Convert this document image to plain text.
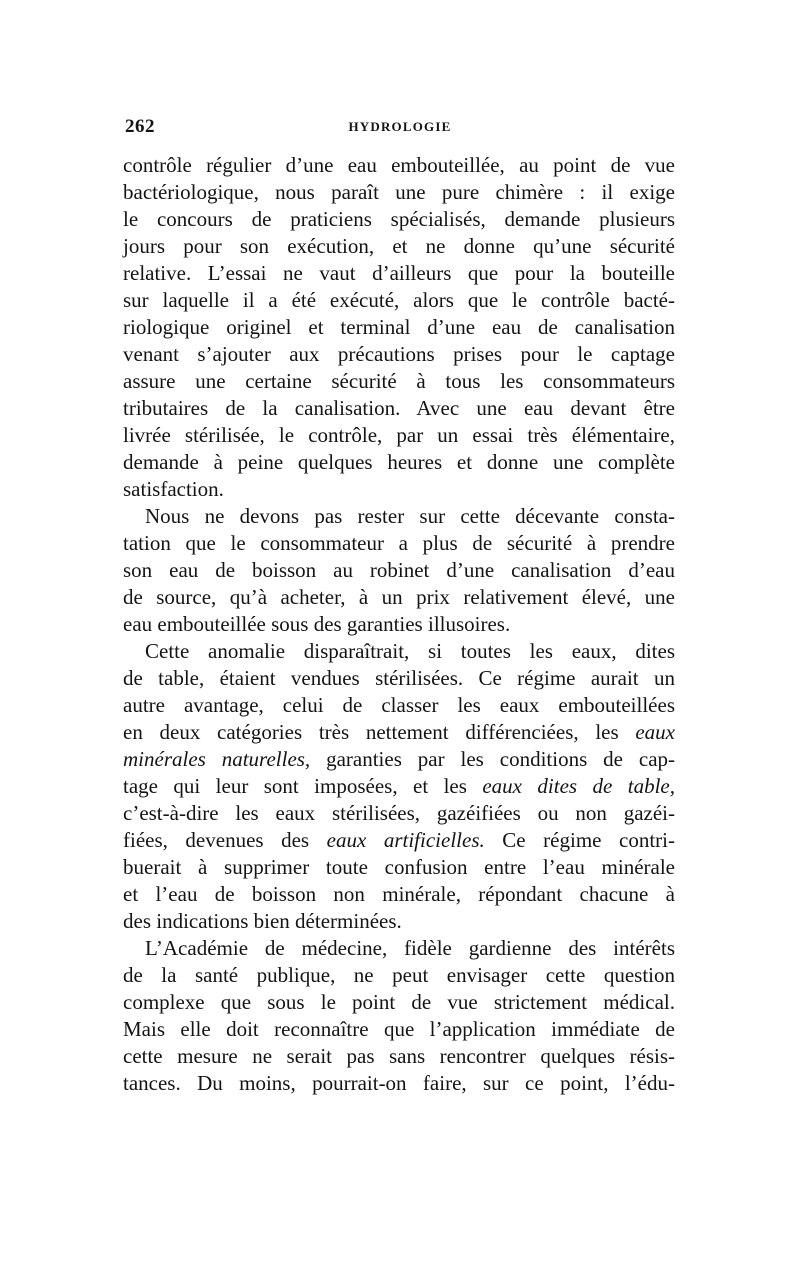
262	HYDROLOGIE
contrôle régulier d’une eau embouteillée, au point de vue
bactériologique, nous paraît une pure chimère : il exige
le concours de praticiens spécialisés, demande plusieurs
jours pour son exécution, et ne donne qu’une sécurité
relative. L’essai ne vaut d’ailleurs que pour la bouteille
sur laquelle il a été exécuté, alors que le contrôle bacté-
riologique originel et terminal d’une eau de canalisation
venant s’ajouter aux précautions prises pour le captage
assure une certaine sécurité à tous les consommateurs
tributaires de la canalisation. Avec une eau devant être
livrée stérilisée, le contrôle, par un essai très élémentaire,
demande à peine quelques heures et donne une complète
satisfaction.
Nous ne devons pas rester sur cette décevante consta-
tation que le consommateur a plus de sécurité à prendre
son eau de boisson au robinet d’une canalisation d’eau
de source, qu’à acheter, à un prix relativement élevé, une
eau embouteillée sous des garanties illusoires.
Cette anomalie disparaîtrait, si toutes les eaux, dites
de table, étaient vendues stérilisées. Ce régime aurait un
autre avantage, celui de classer les eaux embouteillées
en deux catégories très nettement différenciées, les eaux
minérales naturelles, garanties par les conditions de cap-
tage qui leur sont imposées, et les eaux dites de table,
c’est-à-dire les eaux stérilisées, gazéifiées ou non gazéi-
fiées, devenues des eaux artificielles. Ce régime contri-
buerait à supprimer toute confusion entre l’eau minérale
et l’eau de boisson non minérale, répondant chacune à
des indications bien déterminées.
L’Académie de médecine, fidèle gardienne des intérêts
de la santé publique, ne peut envisager cette question
complexe que sous le point de vue strictement médical.
Mais elle doit reconnaître que l’application immédiate de
cette mesure ne serait pas sans rencontrer quelques résis-
tances. Du moins, pourrait-on faire, sur ce point, l’édu-
